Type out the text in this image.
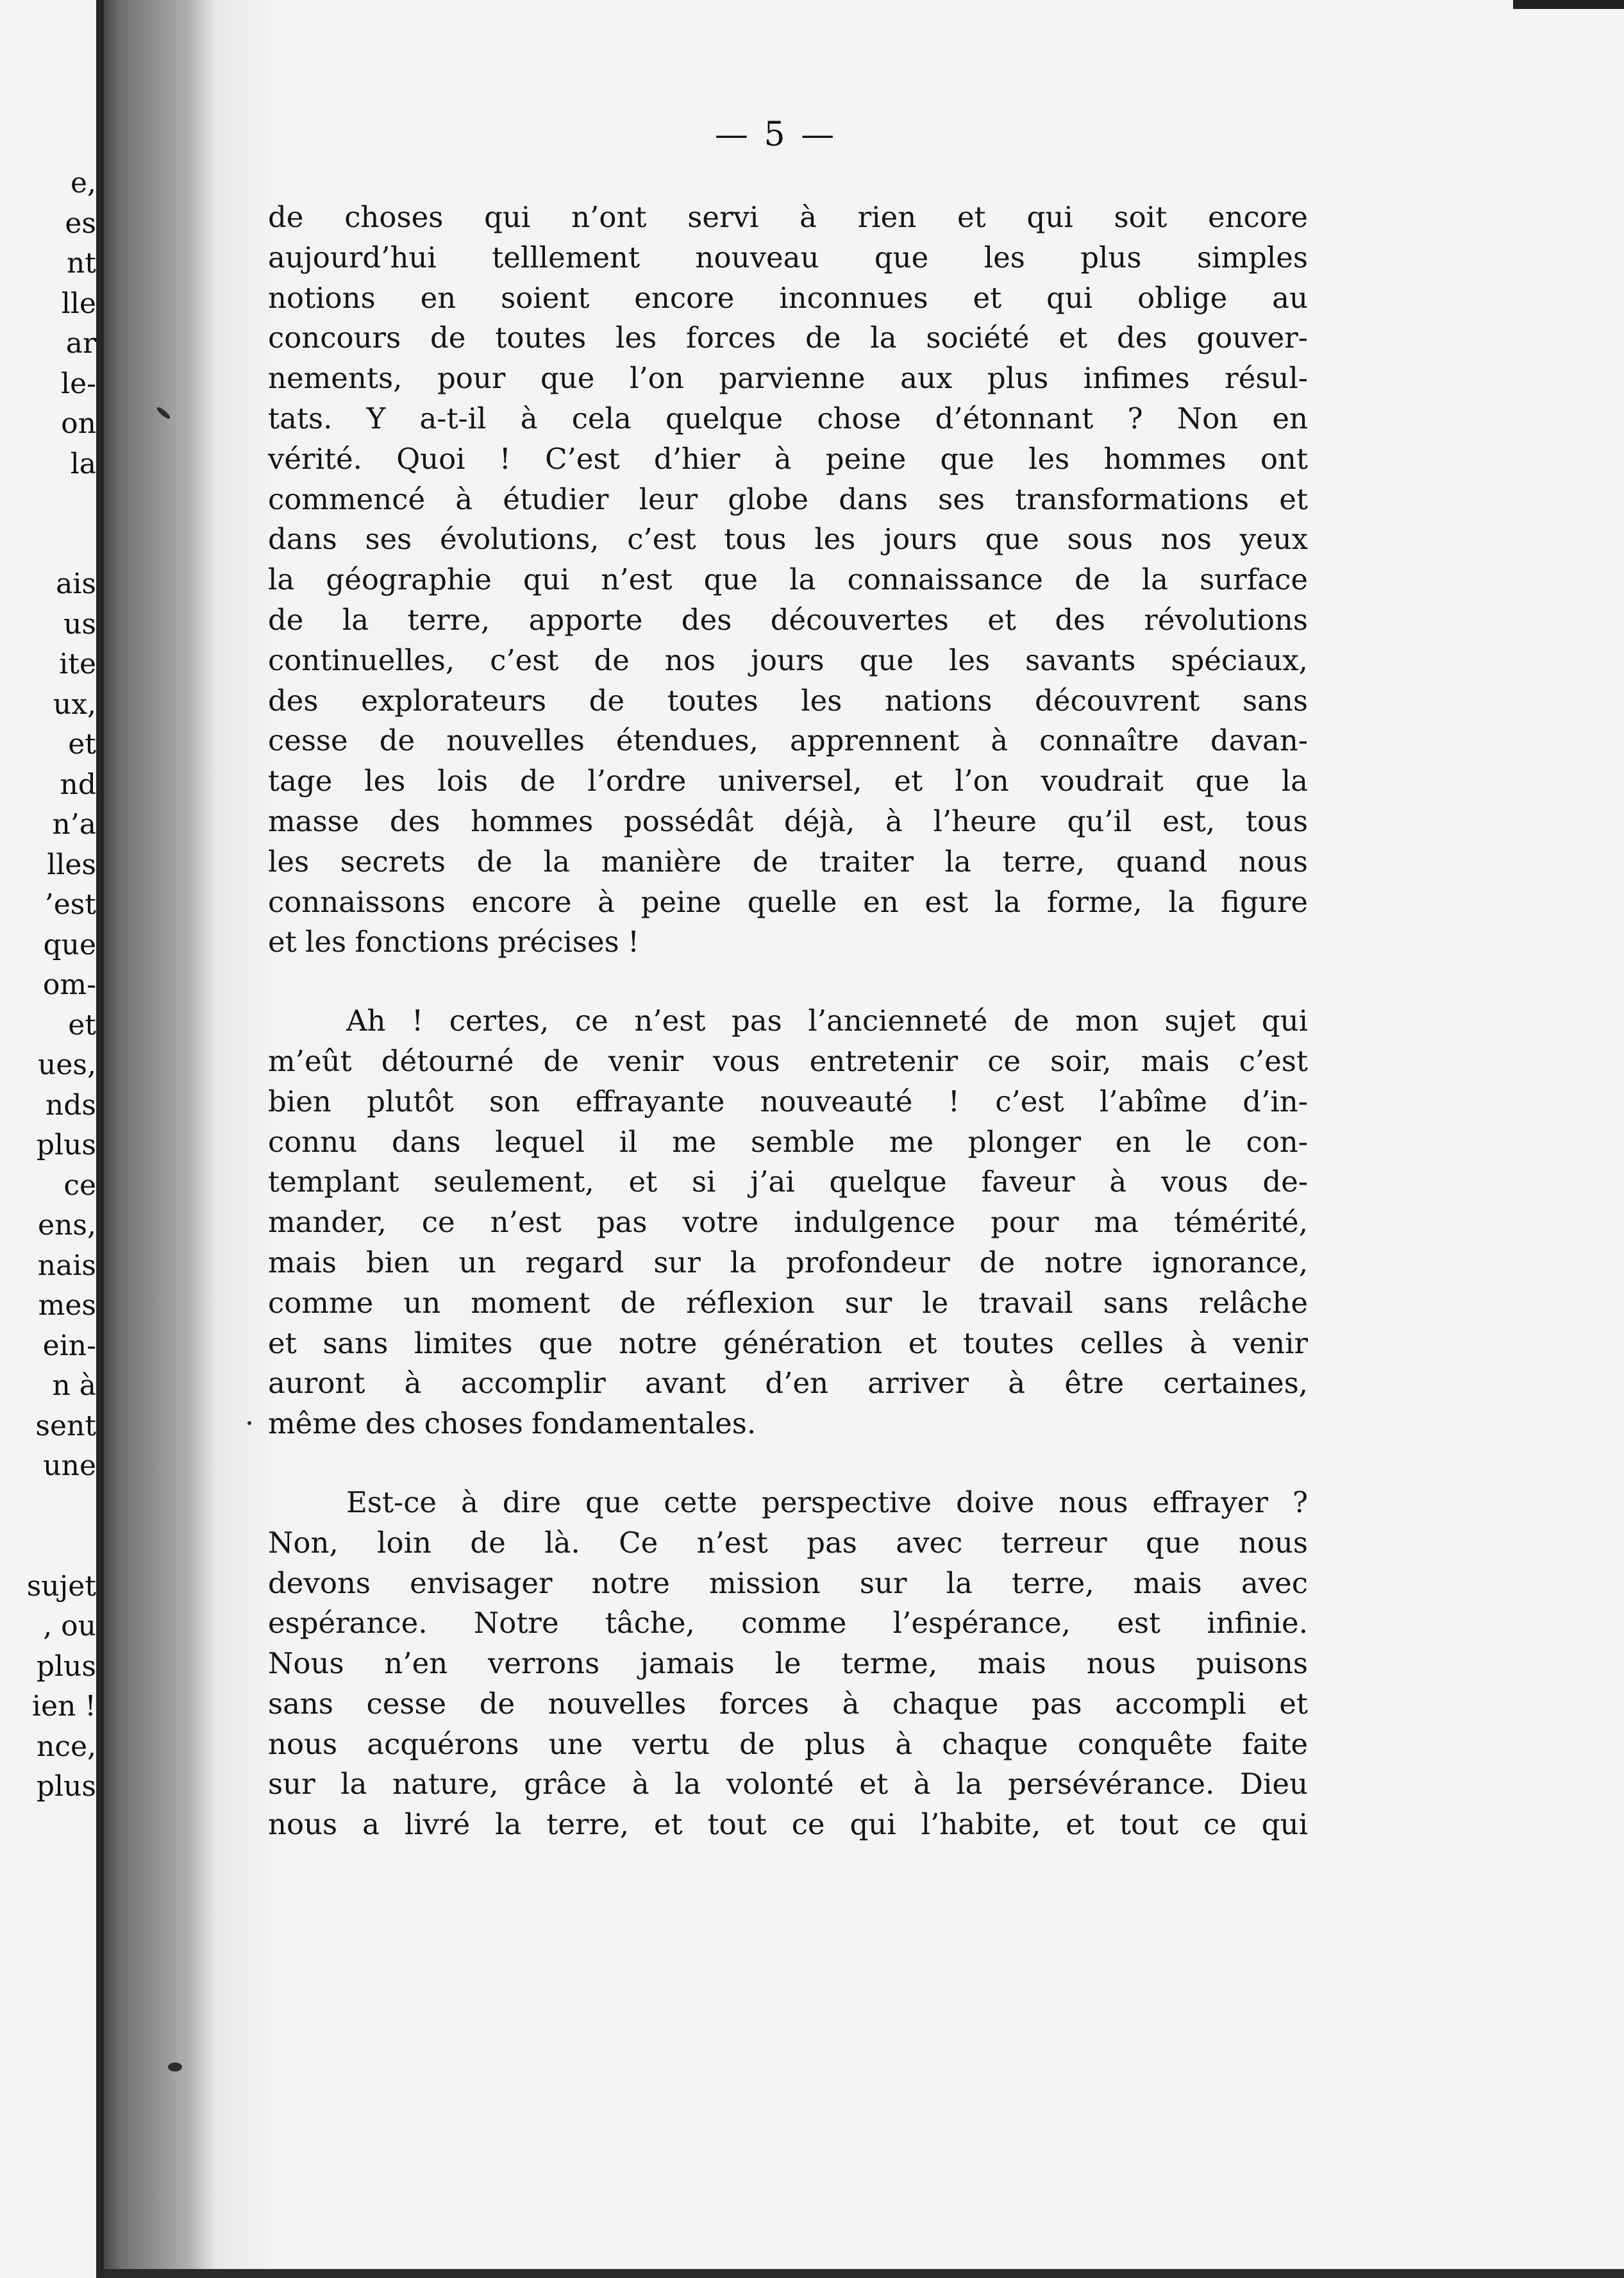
e,
es
nt
lle
ar
le-
on
la
ais
us
ite
ux,
et
nd
n’a
lles
’est
que
om-
et
ues,
nds
plus
ce
ens,
nais
mes
ein-
n à
sent
une
sujet
, ou
plus
ien !
nce,
plus
— 5 —
de choses qui n’ont servi à rien et qui soit encore
aujourd’hui telllement nouveau que les plus simples
notions en soient encore inconnues et qui oblige au
concours de toutes les forces de la société et des gouver-
nements, pour que l’on parvienne aux plus infimes résul-
tats. Y a-t-il à cela quelque chose d’étonnant ? Non en
vérité. Quoi ! C’est d’hier à peine que les hommes ont
commencé à étudier leur globe dans ses transformations et
dans ses évolutions, c’est tous les jours que sous nos yeux
la géographie qui n’est que la connaissance de la surface
de la terre, apporte des découvertes et des révolutions
continuelles, c’est de nos jours que les savants spéciaux,
des explorateurs de toutes les nations découvrent sans
cesse de nouvelles étendues, apprennent à connaître davan-
tage les lois de l’ordre universel, et l’on voudrait que la
masse des hommes possédât déjà, à l’heure qu’il est, tous
les secrets de la manière de traiter la terre, quand nous
connaissons encore à peine quelle en est la forme, la figure
et les fonctions précises !
Ah ! certes, ce n’est pas l’ancienneté de mon sujet qui
m’eût détourné de venir vous entretenir ce soir, mais c’est
bien plutôt son effrayante nouveauté ! c’est l’abîme d’in-
connu dans lequel il me semble me plonger en le con-
templant seulement, et si j’ai quelque faveur à vous de-
mander, ce n’est pas votre indulgence pour ma témérité,
mais bien un regard sur la profondeur de notre ignorance,
comme un moment de réflexion sur le travail sans relâche
et sans limites que notre génération et toutes celles à venir
auront à accomplir avant d’en arriver à être certaines,
même des choses fondamentales.
Est-ce à dire que cette perspective doive nous effrayer ?
Non, loin de là. Ce n’est pas avec terreur que nous
devons envisager notre mission sur la terre, mais avec
espérance. Notre tâche, comme l’espérance, est infinie.
Nous n’en verrons jamais le terme, mais nous puisons
sans cesse de nouvelles forces à chaque pas accompli et
nous acquérons une vertu de plus à chaque conquête faite
sur la nature, grâce à la volonté et à la persévérance. Dieu
nous a livré la terre, et tout ce qui l’habite, et tout ce qui
